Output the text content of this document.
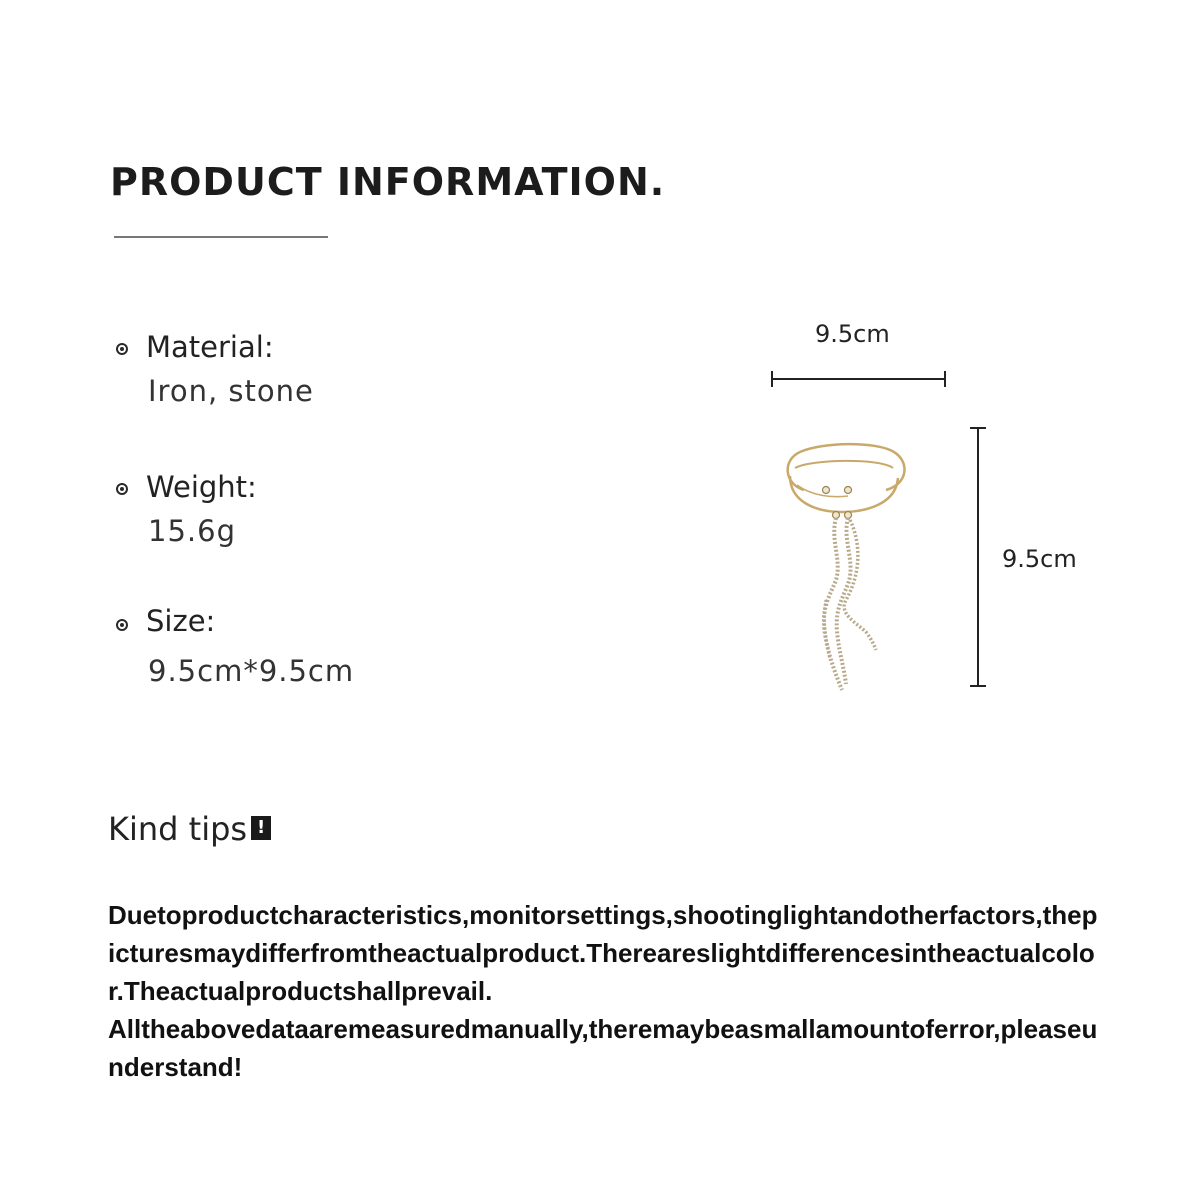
PRODUCT INFORMATION.
Material:
Iron, stone
Weight:
15.6g
Size:
9.5cm*9.5cm
9.5cm
9.5cm
Kind tips !

Duetoproductcharacteristics,monitorsettings,shootinglightandotherfactors,thepicturesmaydifferfromtheactualproduct.Thereareslightdifferencesintheactualcolor.Theactualproductshallprevail.

Alltheabovedataaremeasuredmanually,theremaybeasmallamountoferror,pleaseunderstand!
